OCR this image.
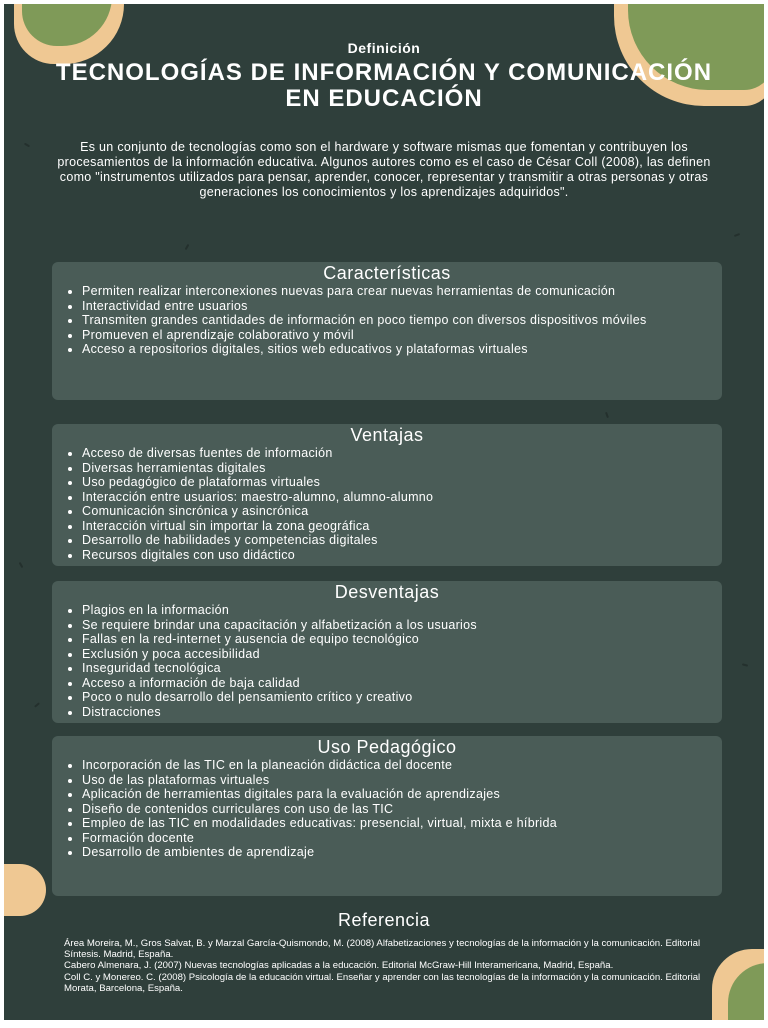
Definición
TECNOLOGÍAS DE INFORMACIÓN Y COMUNICACIÓN EN EDUCACIÓN
Es un conjunto de tecnologías como son el hardware y software mismas que fomentan y contribuyen los procesamientos de la información educativa. Algunos autores como es el caso de César Coll (2008), las definen como "instrumentos utilizados para pensar, aprender, conocer, representar y transmitir a otras personas y otras generaciones los conocimientos y los aprendizajes adquiridos".
Características
• Permiten realizar interconexiones nuevas para crear nuevas herramientas de comunicación
• Interactividad entre usuarios
• Transmiten grandes cantidades de información en poco tiempo con diversos dispositivos móviles
• Promueven el aprendizaje colaborativo y móvil
• Acceso a repositorios digitales, sitios web educativos y plataformas virtuales
Ventajas
• Acceso de diversas fuentes de información
• Diversas herramientas digitales
• Uso pedagógico de plataformas virtuales
• Interacción entre usuarios: maestro-alumno, alumno-alumno
• Comunicación sincrónica y asincrónica
• Interacción virtual sin importar la zona geográfica
• Desarrollo de habilidades y competencias digitales
• Recursos digitales con uso didáctico
Desventajas
• Plagios en la información
• Se requiere brindar una capacitación y alfabetización a los usuarios
• Fallas en la red-internet y ausencia de equipo tecnológico
• Exclusión y poca accesibilidad
• Inseguridad tecnológica
• Acceso a información de baja calidad
• Poco o nulo desarrollo del pensamiento crítico y creativo
• Distracciones
Uso Pedagógico
• Incorporación de las TIC en la planeación didáctica del docente
• Uso de las plataformas virtuales
• Aplicación de herramientas digitales para la evaluación de aprendizajes
• Diseño de contenidos curriculares con uso de las TIC
• Empleo de las TIC en modalidades educativas: presencial, virtual, mixta e híbrida
• Formación docente
• Desarrollo de ambientes de aprendizaje
Referencia

Área Moreira, M., Gros Salvat, B. y Marzal García-Quismondo, M. (2008) Alfabetizaciones y tecnologías de la información y la comunicación. Editorial Síntesis. Madrid, España.

Cabero Almenara, J. (2007) Nuevas tecnologías aplicadas a la educación. Editorial McGraw-Hill Interamericana, Madrid, España.

Coll C. y Monereo. C. (2008) Psicología de la educación virtual. Enseñar y aprender con las tecnologías de la información y la comunicación. Editorial Morata, Barcelona, España.
